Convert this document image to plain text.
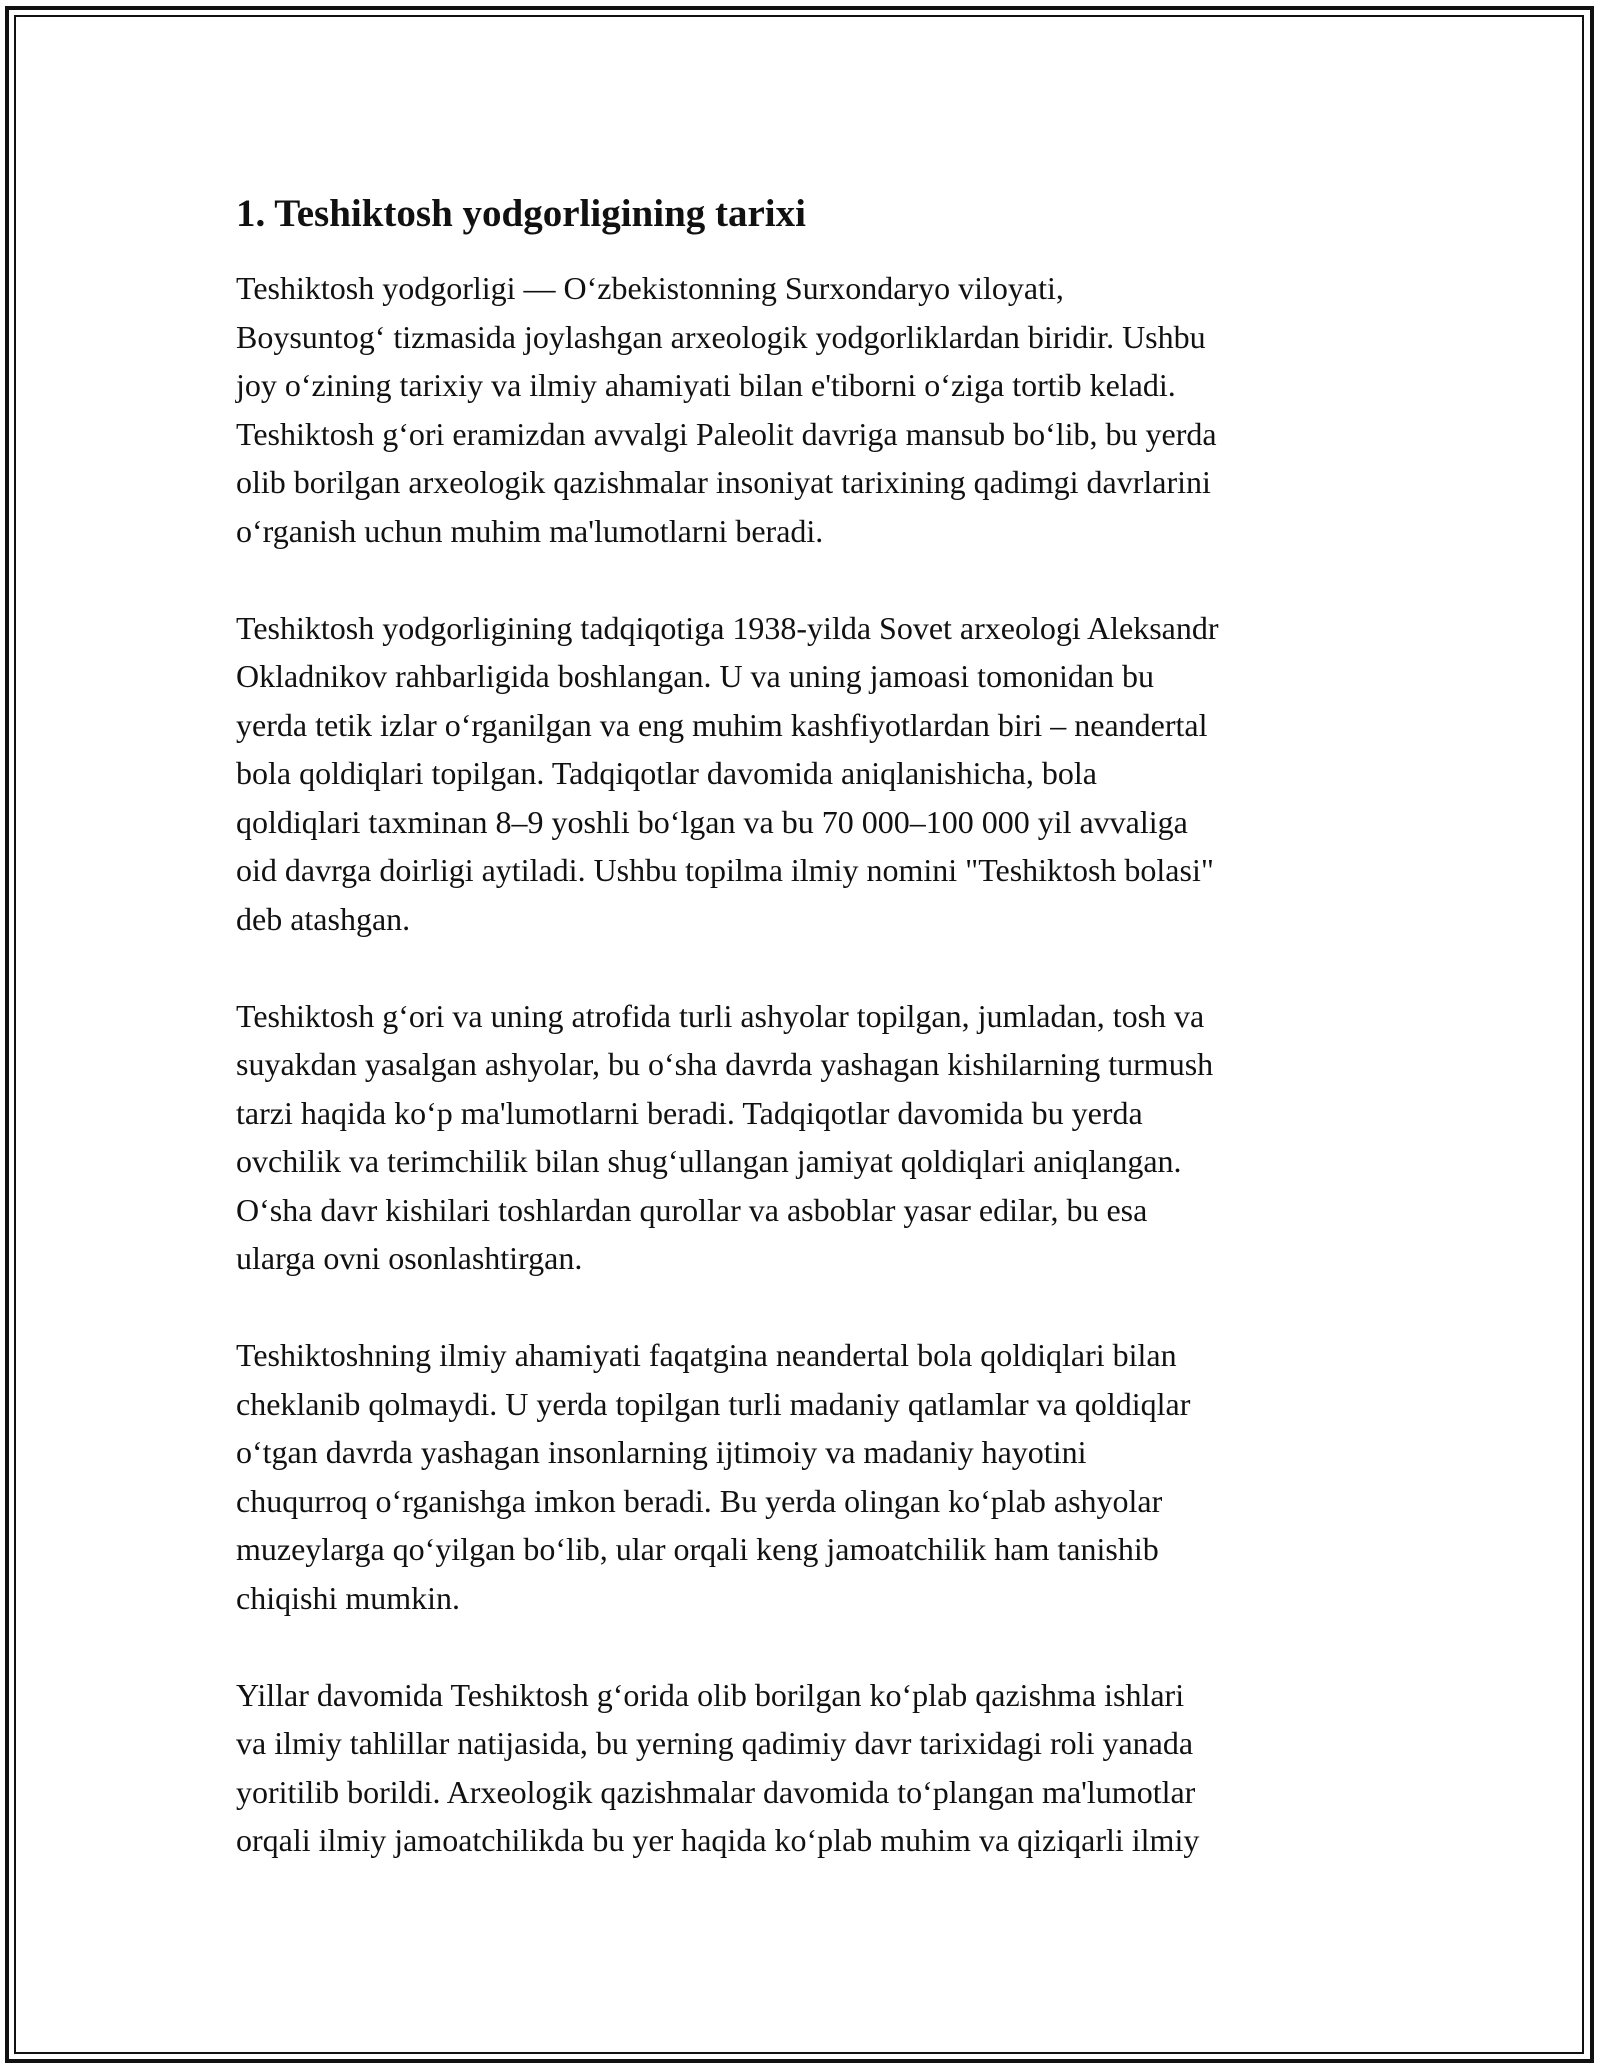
1. Teshiktosh yodgorligining tarixi

Teshiktosh yodgorligi — O‘zbekistonning Surxondaryo viloyati,
Boysuntog‘ tizmasida joylashgan arxeologik yodgorliklardan biridir. Ushbu
joy o‘zining tarixiy va ilmiy ahamiyati bilan e'tiborni o‘ziga tortib keladi.
Teshiktosh g‘ori eramizdan avvalgi Paleolit davriga mansub bo‘lib, bu yerda
olib borilgan arxeologik qazishmalar insoniyat tarixining qadimgi davrlarini
o‘rganish uchun muhim ma'lumotlarni beradi.

Teshiktosh yodgorligining tadqiqotiga 1938-yilda Sovet arxeologi Aleksandr
Okladnikov rahbarligida boshlangan. U va uning jamoasi tomonidan bu
yerda tetik izlar o‘rganilgan va eng muhim kashfiyotlardan biri – neandertal
bola qoldiqlari topilgan. Tadqiqotlar davomida aniqlanishicha, bola
qoldiqlari taxminan 8–9 yoshli bo‘lgan va bu 70 000–100 000 yil avvaliga
oid davrga doirligi aytiladi. Ushbu topilma ilmiy nomini "Teshiktosh bolasi"
deb atashgan.

Teshiktosh g‘ori va uning atrofida turli ashyolar topilgan, jumladan, tosh va
suyakdan yasalgan ashyolar, bu o‘sha davrda yashagan kishilarning turmush
tarzi haqida ko‘p ma'lumotlarni beradi. Tadqiqotlar davomida bu yerda
ovchilik va terimchilik bilan shug‘ullangan jamiyat qoldiqlari aniqlangan.
O‘sha davr kishilari toshlardan qurollar va asboblar yasar edilar, bu esa
ularga ovni osonlashtirgan.

Teshiktoshning ilmiy ahamiyati faqatgina neandertal bola qoldiqlari bilan
cheklanib qolmaydi. U yerda topilgan turli madaniy qatlamlar va qoldiqlar
o‘tgan davrda yashagan insonlarning ijtimoiy va madaniy hayotini
chuqurroq o‘rganishga imkon beradi. Bu yerda olingan ko‘plab ashyolar
muzeylarga qo‘yilgan bo‘lib, ular orqali keng jamoatchilik ham tanishib
chiqishi mumkin.

Yillar davomida Teshiktosh g‘orida olib borilgan ko‘plab qazishma ishlari
va ilmiy tahlillar natijasida, bu yerning qadimiy davr tarixidagi roli yanada
yoritilib borildi. Arxeologik qazishmalar davomida to‘plangan ma'lumotlar
orqali ilmiy jamoatchilikda bu yer haqida ko‘plab muhim va qiziqarli ilmiy
